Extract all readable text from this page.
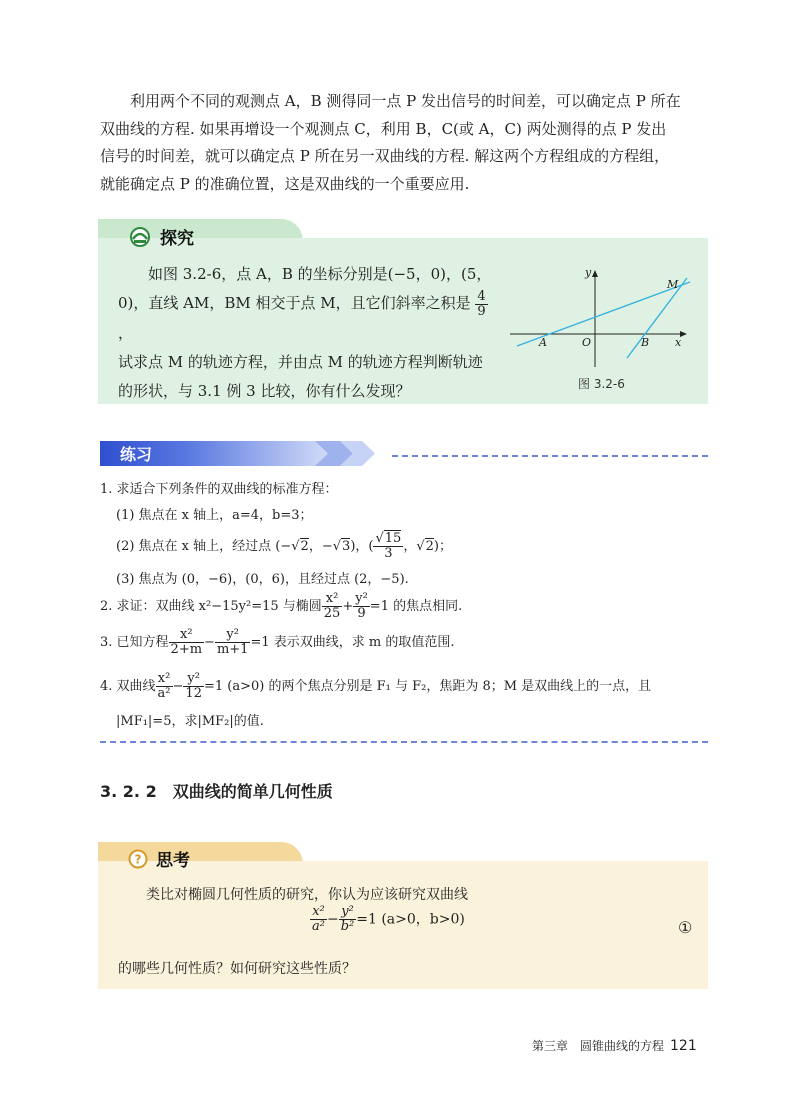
利用两个不同的观测点 A，B 测得同一点 P 发出信号的时间差，可以确定点 P 所在

双曲线的方程. 如果再增设一个观测点 C，利用 B，C(或 A，C) 两处测得的点 P 发出

信号的时间差，就可以确定点 P 所在另一双曲线的方程. 解这两个方程组成的方程组，

就能确定点 P 的准确位置，这是双曲线的一个重要应用.

探究

如图 3.2-6，点 A，B 的坐标分别是(−5，0)，(5，

0)，直线 AM，BM 相交于点 M，且它们斜率之积是 $\frac{4}{9}$
，

试求点 M 的轨迹方程，并由点 M 的轨迹方程判断轨迹

的形状，与 3.1 例 3 比较，你有什么发现？

y
x
M
A	O	B
图 3.2-6
练习
1. 求适合下列条件的双曲线的标准方程：
(1) 焦点在 x 轴上，a=4，b=3；
(2) 焦点在 x 轴上，经过点 (−√2，−√3)，( $\frac{√15}{3}$ ，√2)；
(3) 焦点为 (0，−6)，(0，6)，且经过点 (2，−5).
2. 求证：双曲线 x²−15y²=15 与椭圆 $\frac{\text{x²}}{25} + \frac{\text{y²}}{9} =1$ 的焦点相同.
3. 已知方程 $\frac{\text{x²}}{2+m} - \frac{\text{y²}}{m+1} =1$ 表示双曲线，求 m 的取值范围.
4. 双曲线 $\frac{\text{x²}}{\text{a²}} - \frac{\text{y²}}{12} =1$ (a>0) 的两个焦点分别是 F₁ 与 F₂，焦距为 8；M 是双曲线上的一点，且
|MF₁|=5，求|MF₂|的值.
3. 2. 2　双曲线的简单几何性质
? 思考
类比对椭圆几何性质的研究，你认为应该研究双曲线
$\frac{\text{x²}}{\text{a²}} - \frac{\text{y²}}{\text{b²}} =1$ (a>0，b>0)	①
的哪些几何性质？如何研究这些性质？
第三章　圆锥曲线的方程 121
